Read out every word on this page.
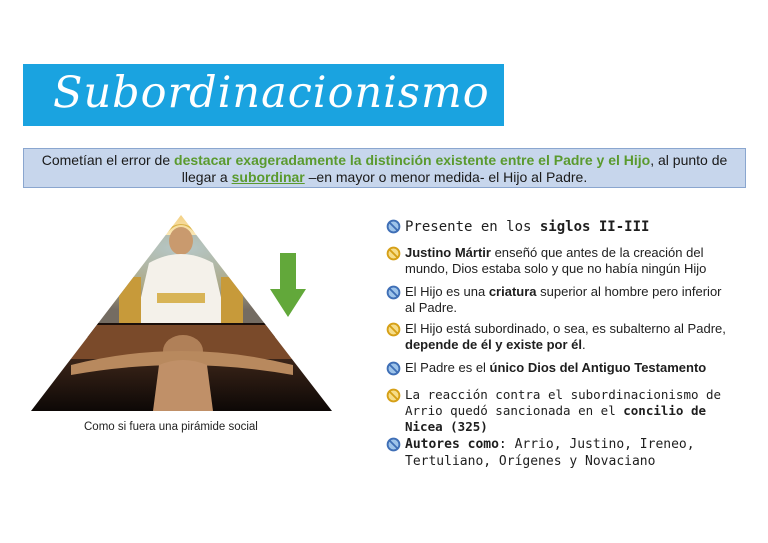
Subordinacionismo
Cometían el error de destacar exageradamente la distinción existente entre el Padre y el Hijo, al punto de llegar a subordinar –en mayor o menor medida- el Hijo al Padre.
Como si fuera una pirámide social
Presente en los siglos II-III
Justino Mártir enseñó que antes de la creación del mundo, Dios estaba solo y que no había ningún Hijo
El Hijo es una criatura superior al hombre pero inferior al Padre.
El Hijo está subordinado, o sea, es subalterno al Padre, depende de él y existe por él.
El Padre es el único Dios del Antiguo Testamento
La reacción contra el subordinacionismo de Arrio quedó sancionada en el concilio de Nicea (325)
Autores como: Arrio, Justino, Ireneo, Tertuliano, Orígenes y Novaciano
